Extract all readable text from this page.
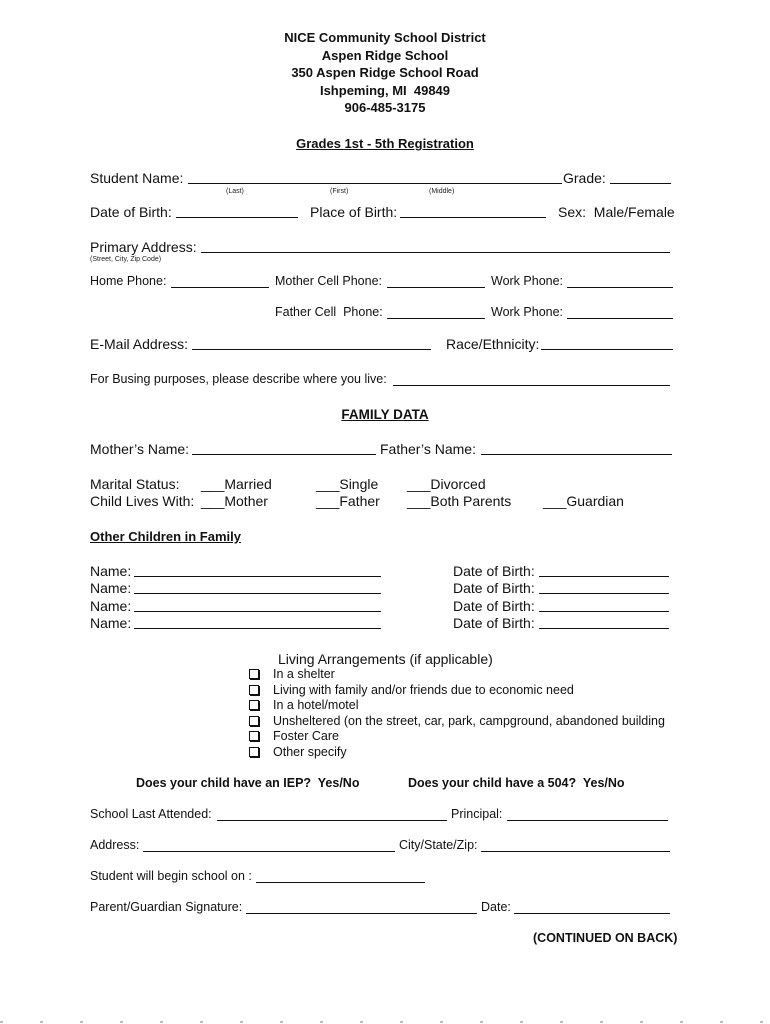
NICE Community School District
Aspen Ridge School
350 Aspen Ridge School Road
Ishpeming, MI  49849
906-485-3175
Grades 1st - 5th Registration
Student Name:	Grade:
(Last)	(First)	(Middle)
Date of Birth:	Place of Birth:	Sex:  Male/Female
Primary Address:
(Street, City, Zip Code)
Home Phone:	Mother Cell Phone:	Work Phone:
Father Cell  Phone:	Work Phone:
E-Mail Address:	Race/Ethnicity:
For Busing purposes, please describe where you live:
FAMILY DATA
Mother’s Name:	Father’s Name:
Marital Status: ___Married	___Single ___Divorced
Child Lives With: ___Mother	___Father ___Both Parents ___Guardian
Other Children in Family
Name:	Date of Birth:
Name:	Date of Birth:
Name:	Date of Birth:
Name:	Date of Birth:
Living Arrangements (if applicable)
In a shelter
Living with family and/or friends due to economic need
In a hotel/motel
Unsheltered (on the street, car, park, campground, abandoned building
Foster Care
Other specify
Does your child have an IEP?  Yes/No	Does your child have a 504?  Yes/No
School Last Attended:	Principal:
Address:	City/State/Zip:
Student will begin school on :
Parent/Guardian Signature:	Date:
(CONTINUED ON BACK)
